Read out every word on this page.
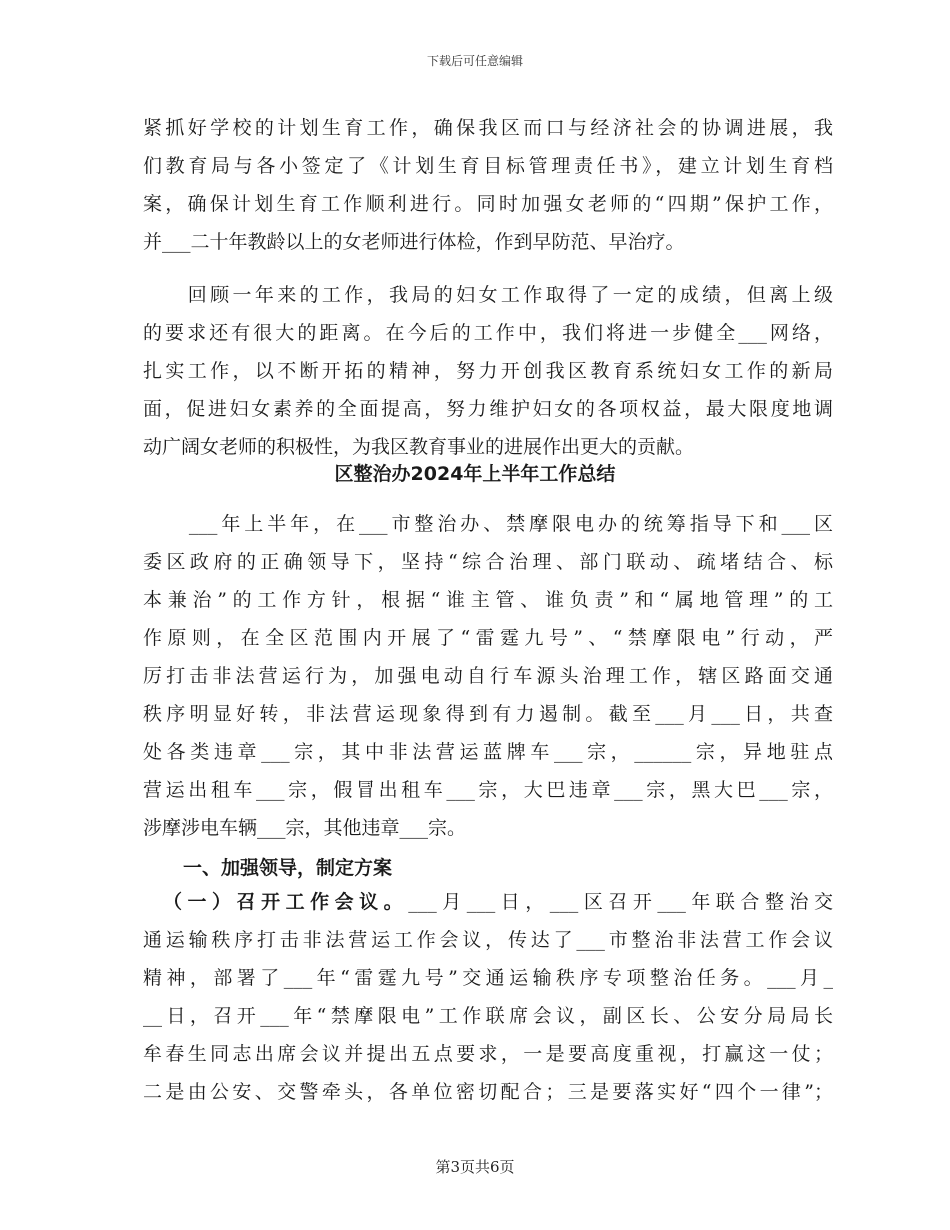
下载后可任意编辑
紧抓好学校的计划生育工作，确保我区而口与经济社会的协调进展，我
们教育局与各小签定了《计划生育目标管理责任书》，建立计划生育档
案，确保计划生育工作顺利进行。同时加强女老师的“四期”保护工作，
并___二十年教龄以上的女老师进行体检，作到早防范、早治疗。
　　回顾一年来的工作，我局的妇女工作取得了一定的成绩，但离上级
的要求还有很大的距离。在今后的工作中，我们将进一步健全___网络，
扎实工作，以不断开拓的精神，努力开创我区教育系统妇女工作的新局
面，促进妇女素养的全面提高，努力维护妇女的各项权益，最大限度地调
动广阔女老师的积极性，为我区教育事业的进展作出更大的贡献。
区整治办2024年上半年工作总结
　　___年上半年，在___市整治办、禁摩限电办的统筹指导下和___区
委区政府的正确领导下，坚持“综合治理、部门联动、疏堵结合、标
本兼治”的工作方针，根据“谁主管、谁负责”和“属地管理”的工
作原则，在全区范围内开展了“雷霆九号”、“禁摩限电”行动，严
厉打击非法营运行为，加强电动自行车源头治理工作，辖区路面交通
秩序明显好转，非法营运现象得到有力遏制。截至___月___日，共查
处各类违章___宗，其中非法营运蓝牌车___宗，______宗，异地驻点
营运出租车___宗，假冒出租车___宗，大巴违章___宗，黑大巴___宗，
涉摩涉电车辆___宗，其他违章___宗。
一、加强领导，制定方案
（一）召开工作会议。___月___日，___区召开___年联合整治交
通运输秩序打击非法营运工作会议，传达了___市整治非法营工作会议
精神，部署了___年“雷霆九号”交通运输秩序专项整治任务。___月_
__日，召开___年“禁摩限电”工作联席会议，副区长、公安分局局长
牟春生同志出席会议并提出五点要求，一是要高度重视，打赢这一仗；
二是由公安、交警牵头，各单位密切配合；三是要落实好“四个一律”；
第3页共6页
